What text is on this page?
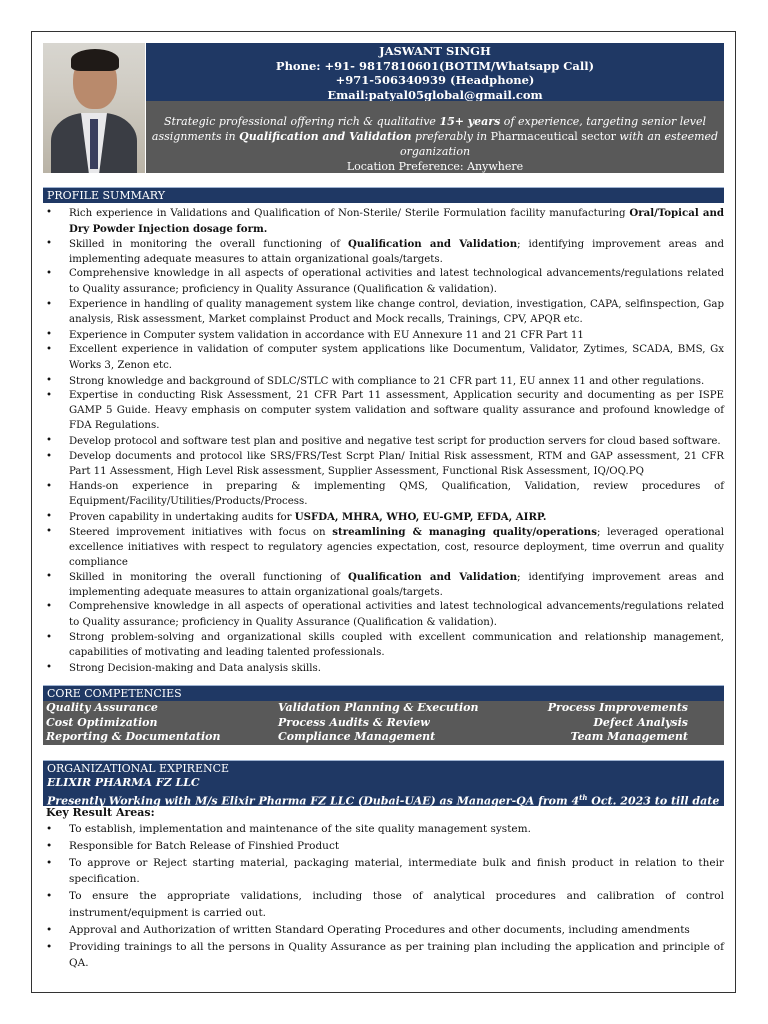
JASWANT SINGH
Phone: +91- 9817810601(BOTIM/Whatsapp Call)
+971-506340939 (Headphone)
Email:patyal05global@gmail.com
Strategic professional offering rich & qualitative 15+ years of experience, targeting senior level assignments in Qualification and Validation preferably in Pharmaceutical sector with an esteemed organization
Location Preference: Anywhere
PROFILE SUMMARY
• Rich experience in Validations and Qualification of Non-Sterile/ Sterile Formulation facility manufacturing Oral/Topical and Dry Powder Injection dosage form.
• Skilled in monitoring the overall functioning of Qualification and Validation; identifying improvement areas and implementing adequate measures to attain organizational goals/targets.
• Comprehensive knowledge in all aspects of operational activities and latest technological advancements/regulations related to Quality assurance; proficiency in Quality Assurance (Qualification & validation).
• Experience in handling of quality management system like change control, deviation, investigation, CAPA, selfinspection, Gap analysis, Risk assessment, Market complainst Product and Mock recalls, Trainings, CPV, APQR etc.
• Experience in Computer system validation in accordance with EU Annexure 11 and 21 CFR Part 11
• Excellent experience in validation of computer system applications like Documentum, Validator, Zytimes, SCADA, BMS, Gx Works 3, Zenon etc.
• Strong knowledge and background of SDLC/STLC with compliance to 21 CFR part 11, EU annex 11 and other regulations.
• Expertise in conducting Risk Assessment, 21 CFR Part 11 assessment, Application security and documenting as per ISPE GAMP 5 Guide. Heavy emphasis on computer system validation and software quality assurance and profound knowledge of FDA Regulations.
• Develop protocol and software test plan and positive and negative test script for production servers for cloud based software.
• Develop documents and protocol like SRS/FRS/Test Scrpt Plan/ Initial Risk assessment, RTM and GAP assessment, 21 CFR Part 11 Assessment, High Level Risk assessment, Supplier Assessment, Functional Risk Assessment, IQ/OQ.PQ
• Hands-on experience in preparing & implementing QMS, Qualification, Validation, review procedures of Equipment/Facility/Utilities/Products/Process.
• Proven capability in undertaking audits for USFDA, MHRA, WHO, EU-GMP, EFDA, AIRP.
• Steered improvement initiatives with focus on streamlining & managing quality/operations; leveraged operational excellence initiatives with respect to regulatory agencies expectation, cost, resource deployment, time overrun and quality compliance
• Skilled in monitoring the overall functioning of Qualification and Validation; identifying improvement areas and implementing adequate measures to attain organizational goals/targets.
• Comprehensive knowledge in all aspects of operational activities and latest technological advancements/regulations related to Quality assurance; proficiency in Quality Assurance (Qualification & validation).
• Strong problem-solving and organizational skills coupled with excellent communication and relationship management, capabilities of motivating and leading talented professionals.
• Strong Decision-making and Data analysis skills.
CORE COMPETENCIES
Quality Assurance	Validation Planning & Execution	Process Improvements
Cost Optimization	Process Audits & Review	Defect Analysis
Reporting & Documentation	Compliance Management	Team Management
ORGANIZATIONAL EXPIRENCE
ELIXIR PHARMA FZ LLC
Presently Working with M/s Elixir Pharma FZ LLC (Dubai-UAE) as Manager-QA from 4th Oct. 2023 to till date
Key Result Areas:
• To establish, implementation and maintenance of the site quality management system.
• Responsible for Batch Release of Finshied Product
• To approve or Reject starting material, packaging material, intermediate bulk and finish product in relation to their specification.
• To ensure the appropriate validations, including those of analytical procedures and calibration of control instrument/equipment is carried out.
• Approval and Authorization of written Standard Operating Procedures and other documents, including amendments
• Providing trainings to all the persons in Quality Assurance as per training plan including the application and principle of QA.
